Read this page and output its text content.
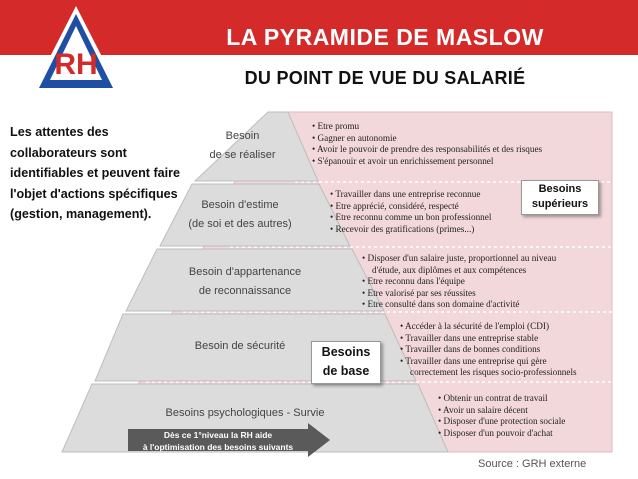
RH
LA PYRAMIDE DE MASLOW
DU POINT DE VUE DU SALARIÉ
Les attentes des collaborateurs sont identifiables et peuvent faire l'objet d'actions spécifiques (gestion, management).
Besoin
de se réaliser
Besoin d'estime
(de soi et des autres)
Besoin d'appartenance
de reconnaissance
Besoin de sécurité
Besoins psychologiques - Survie
• Etre promu
• Gagner en autonomie
• Avoir le pouvoir de prendre des responsabilités et des risques
• S'épanouir et avoir un enrichissement personnel
• Travailler dans une entreprise reconnue
• Etre apprécié, considéré, respecté
• Etre reconnu comme un bon professionnel
• Recevoir des gratifications (primes...)
• Disposer d'un salaire juste, proportionnel au niveau
d'étude, aux diplômes et aux compétences
• Etre reconnu dans l'équipe
• Etre valorisé par ses réussites
• Etre consulté dans son domaine d'activité
• Accéder à la sécurité de l'emploi (CDI)
• Travailler dans une entreprise stable
• Travailler dans de bonnes conditions
• Travailler dans une entreprise qui gère
correctement les risques socio-professionnels
• Obtenir un contrat de travail
• Avoir un salaire décent
• Disposer d'une protection sociale
• Disposer d'un pouvoir d'achat
Besoins
supérieurs
Besoins
de base
Dès ce 1°niveau la RH aide
à l'optimisation des besoins suivants
Source : GRH externe
